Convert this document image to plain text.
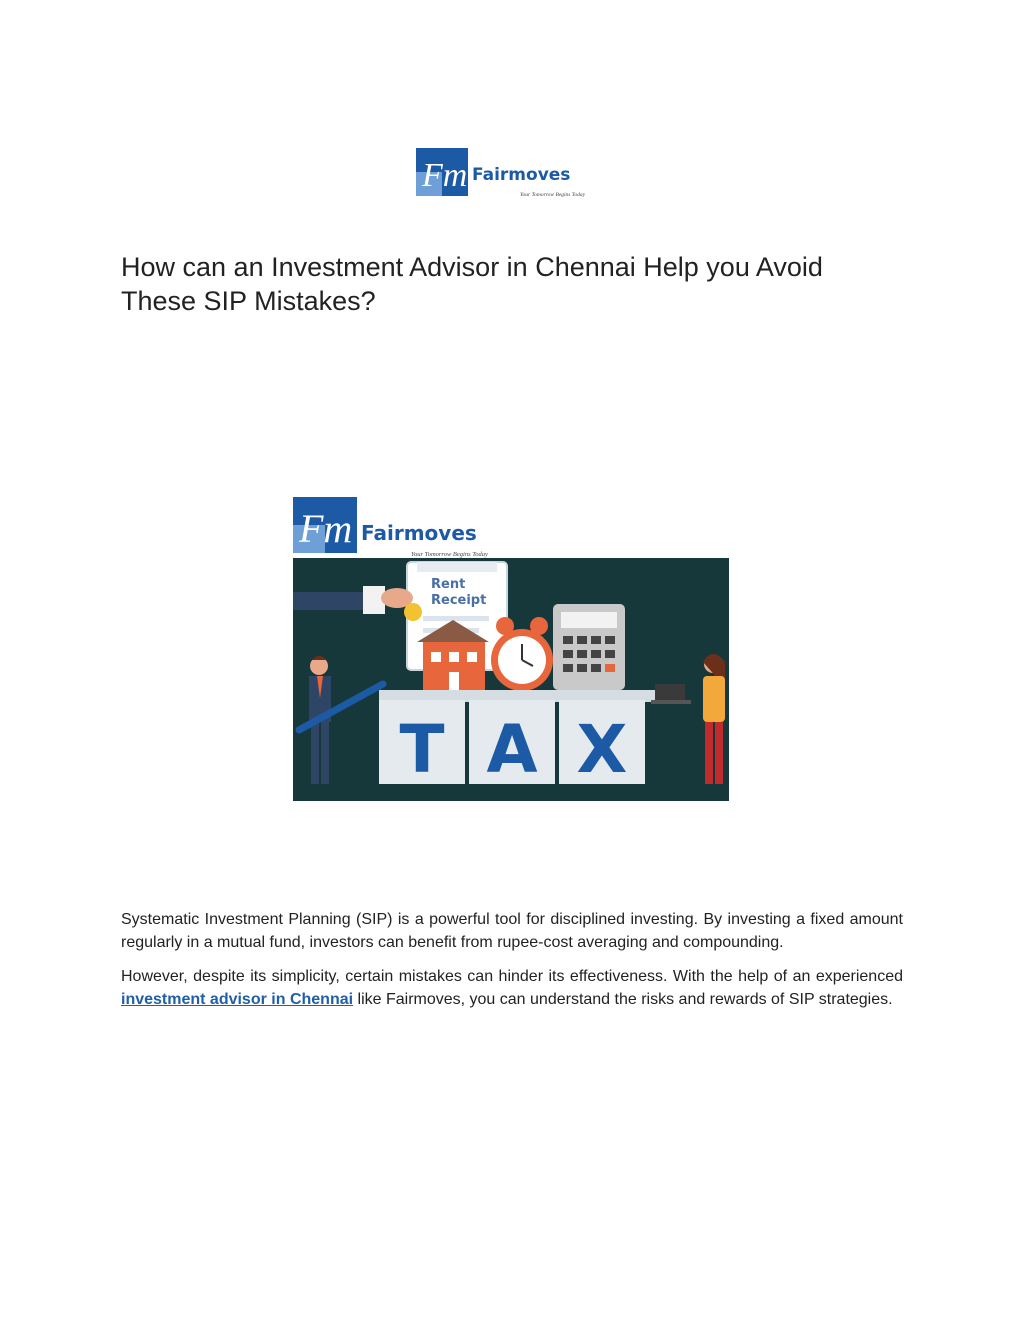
Fm Fairmoves
Your Tomorrow Begins Today
How can an Investment Advisor in Chennai Help you Avoid These SIP Mistakes?
Fm Fairmoves
Your Tomorrow Begins Today
Rent
Receipt
T A X

Systematic Investment Planning (SIP) is a powerful tool for disciplined investing. By investing a fixed amount regularly in a mutual fund, investors can benefit from rupee-cost averaging and compounding.

However, despite its simplicity, certain mistakes can hinder its effectiveness. With the help of an experienced investment advisor in Chennai like Fairmoves, you can understand the risks and rewards of SIP strategies.
